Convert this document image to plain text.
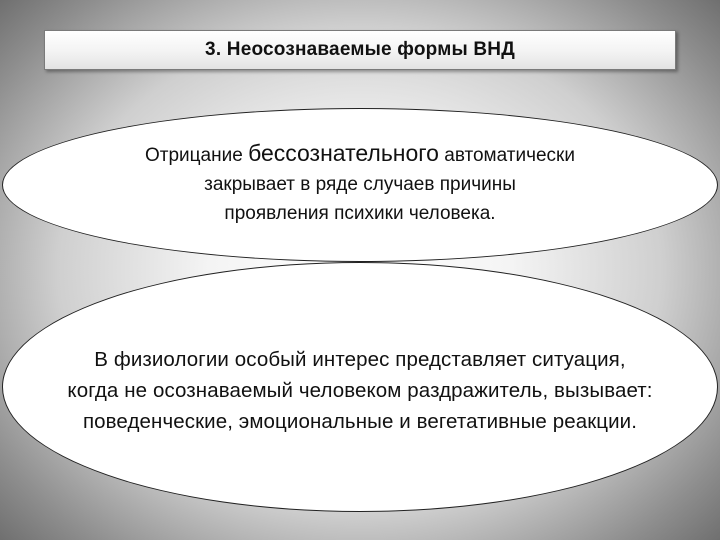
3. Неосознаваемые формы ВНД
Отрицание бессознательного автоматически
закрывает в ряде случаев причины
проявления психики человека.
В физиологии особый интерес представляет ситуация,
когда не осознаваемый человеком раздражитель, вызывает:
поведенческие, эмоциональные и вегетативные реакции.
